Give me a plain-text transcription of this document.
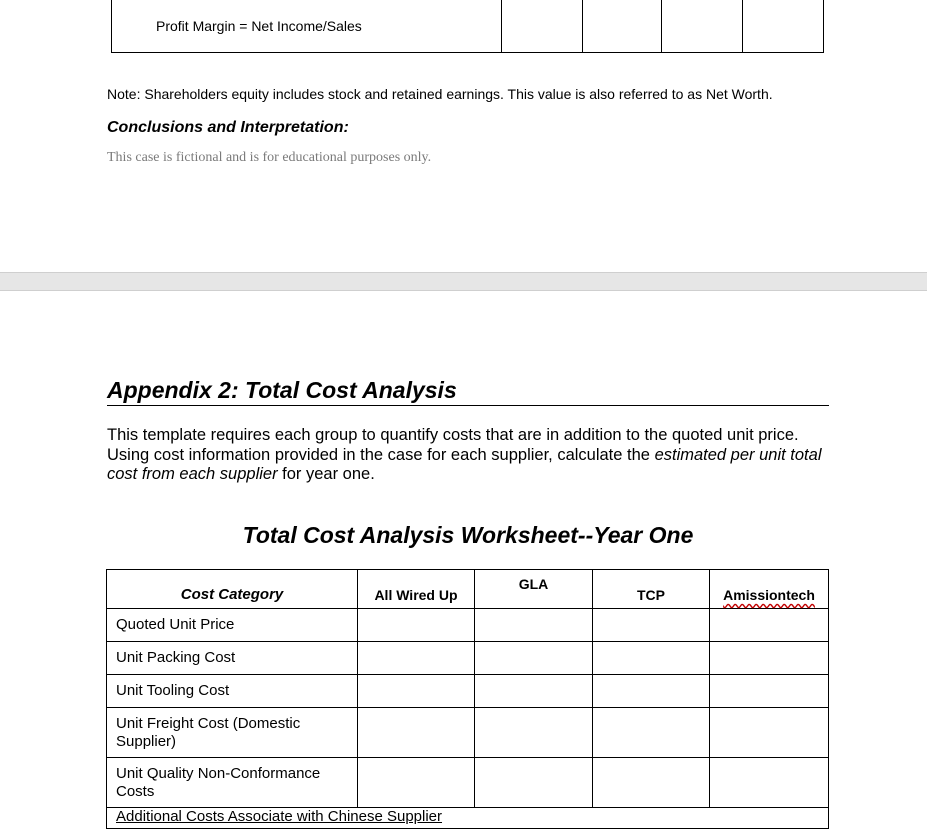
Profit Margin = Net Income/Sales				
Note: Shareholders equity includes stock and retained earnings. This value is also referred to as Net Worth.
Conclusions and Interpretation:
This case is fictional and is for educational purposes only.
Appendix 2: Total Cost Analysis
This template requires each group to quantify costs that are in addition to the quoted unit price. Using cost information provided in the case for each supplier, calculate the estimated per unit total cost from each supplier for year one.
Total Cost Analysis Worksheet--Year One
Cost Category	All Wired Up	GLA	TCP	Amissiontech
Quoted Unit Price				
Unit Packing Cost				
Unit Tooling Cost				
Unit Freight Cost (Domestic Supplier)				
Unit Quality Non-Conformance Costs				
Additional Costs Associate with Chinese Supplier				
